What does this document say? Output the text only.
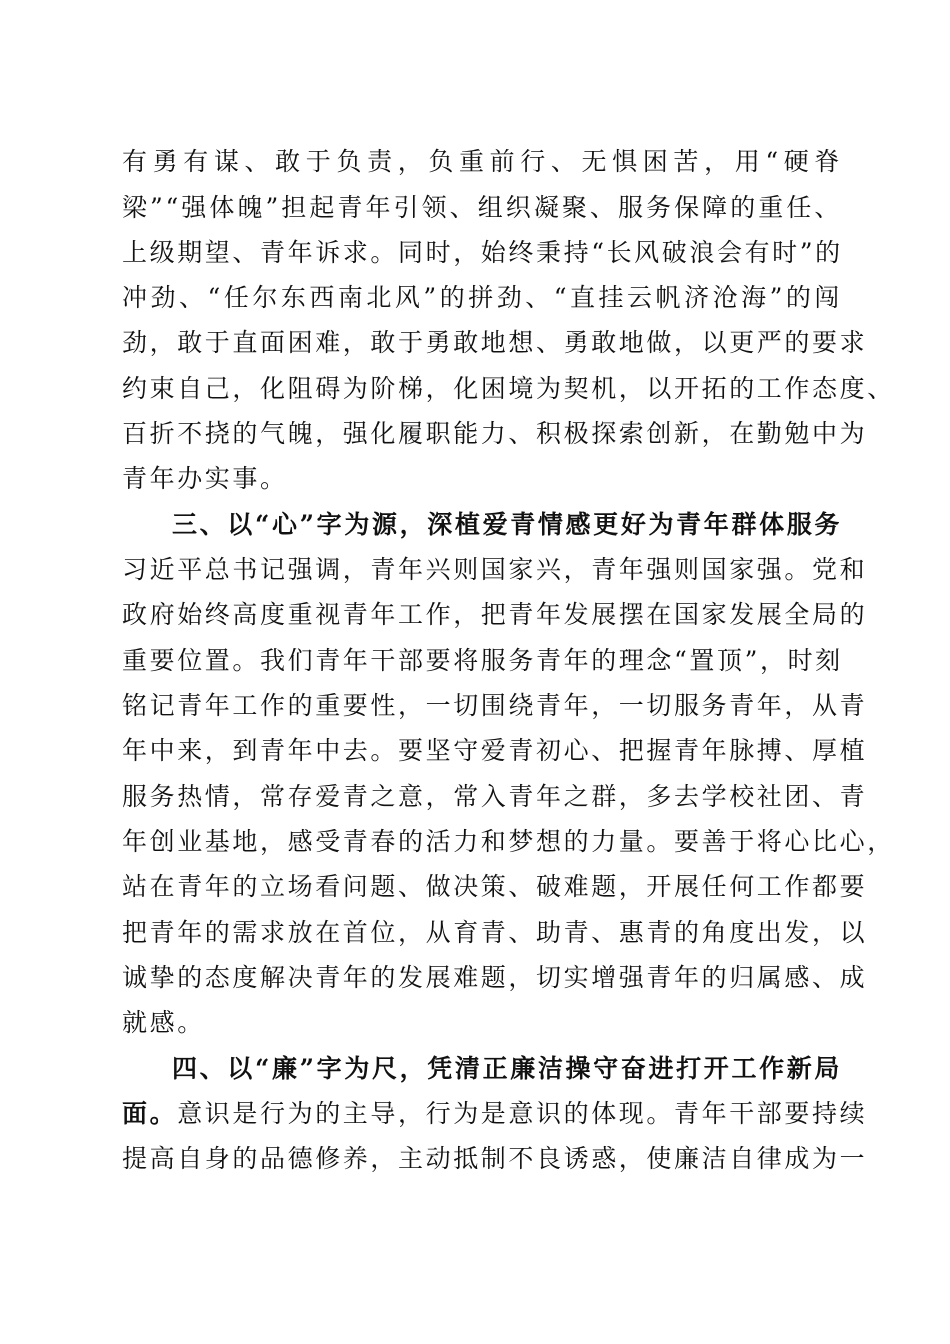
有勇有谋、敢于负责，负重前行、无惧困苦，用“硬脊
梁”“强体魄”担起青年引领、组织凝聚、服务保障的重任、
上级期望、青年诉求。同时，始终秉持“长风破浪会有时”的
冲劲、“任尔东西南北风”的拼劲、“直挂云帆济沧海”的闯
劲，敢于直面困难，敢于勇敢地想、勇敢地做，以更严的要求
约束自己，化阻碍为阶梯，化困境为契机，以开拓的工作态度、
百折不挠的气魄，强化履职能力、积极探索创新，在勤勉中为
青年办实事。
三、以“心”字为源，深植爱青情感更好为青年群体服务
习近平总书记强调，青年兴则国家兴，青年强则国家强。党和
政府始终高度重视青年工作，把青年发展摆在国家发展全局的
重要位置。我们青年干部要将服务青年的理念“置顶”，时刻
铭记青年工作的重要性，一切围绕青年，一切服务青年，从青
年中来，到青年中去。要坚守爱青初心、把握青年脉搏、厚植
服务热情，常存爱青之意，常入青年之群，多去学校社团、青
年创业基地，感受青春的活力和梦想的力量。要善于将心比心，
站在青年的立场看问题、做决策、破难题，开展任何工作都要
把青年的需求放在首位，从育青、助青、惠青的角度出发，以
诚挚的态度解决青年的发展难题，切实增强青年的归属感、成
就感。
四、以“廉”字为尺，凭清正廉洁操守奋进打开工作新局
面。意识是行为的主导，行为是意识的体现。青年干部要持续
提高自身的品德修养，主动抵制不良诱惑，使廉洁自律成为一
